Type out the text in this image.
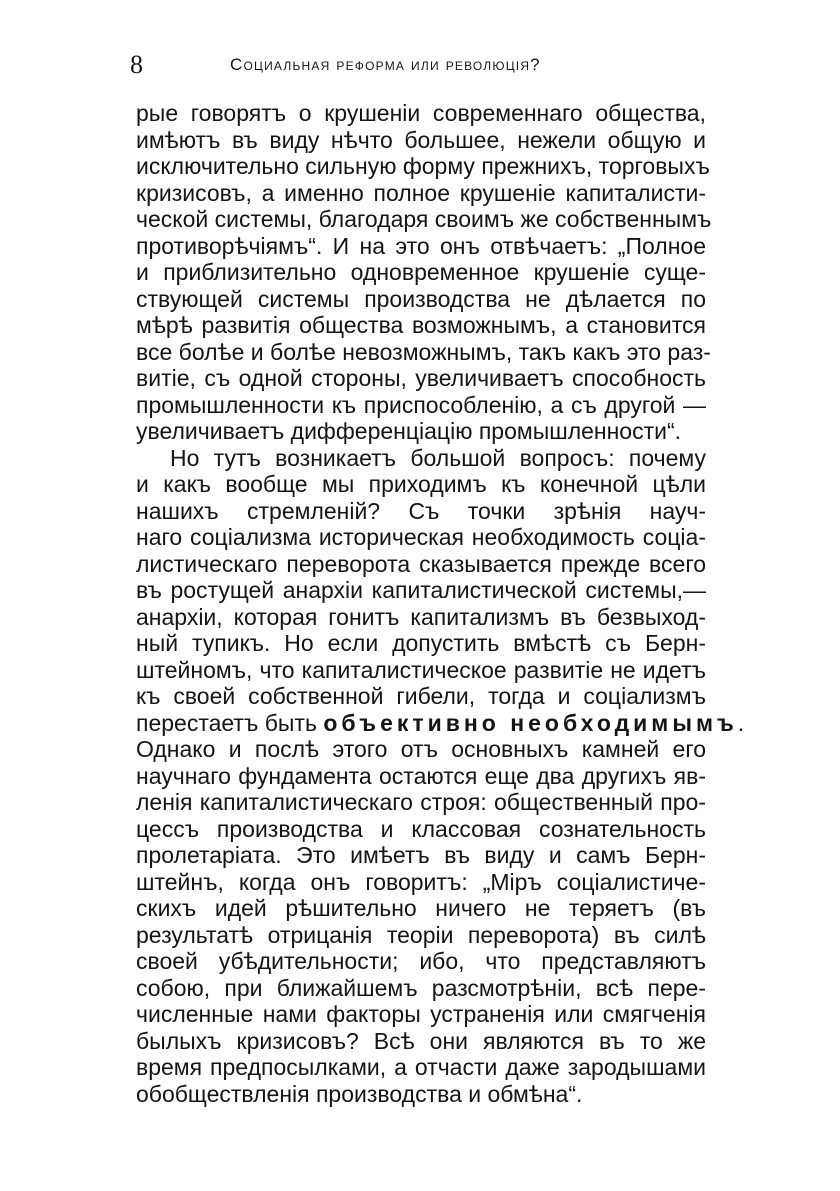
8	Социальная реформа или революція?
рые говорятъ о крушеніи современнаго общества,
имѣютъ въ виду нѣчто большее, нежели общую и
исключительно сильную форму прежнихъ, торговыхъ
кризисовъ, а именно полное крушеніе капиталисти-
ческой системы, благодаря своимъ же собственнымъ
противорѣчіямъ“. И на это онъ отвѣчаетъ: „Полное
и приблизительно одновременное крушеніе суще-
ствующей системы производства не дѣлается по
мѣрѣ развитія общества возможнымъ, а становится
все болѣе и болѣе невозможнымъ, такъ какъ это раз-
витіе, съ одной стороны, увеличиваетъ способность
промышленности къ приспособленію, а съ другой —
увеличиваетъ дифференціацію промышленности“.
Но тутъ возникаетъ большой вопросъ: почему
и какъ вообще мы приходимъ къ конечной цѣли
нашихъ стремленій? Съ точки зрѣнія науч-
наго соціализма историческая необходимость соціа-
листическаго переворота сказывается прежде всего
въ ростущей анархіи капиталистической системы,—
анархіи, которая гонитъ капитализмъ въ безвыход-
ный тупикъ. Но если допустить вмѣстѣ съ Берн-
штейномъ, что капиталистическое развитіе не идетъ
къ своей собственной гибели, тогда и соціализмъ
перестаетъ быть объективно необходимымъ.
Однако и послѣ этого отъ основныхъ камней его
научнаго фундамента остаются еще два другихъ яв-
ленія капиталистическаго строя: общественный про-
цессъ производства и классовая сознательность
пролетаріата. Это имѣетъ въ виду и самъ Берн-
штейнъ, когда онъ говоритъ: „Міръ соціалистиче-
скихъ идей рѣшительно ничего не теряетъ (въ
результатѣ отрицанія теоріи переворота) въ силѣ
своей убѣдительности; ибо, что представляютъ
собою, при ближайшемъ разсмотрѣніи, всѣ пере-
численные нами факторы устраненія или смягченія
былыхъ кризисовъ? Всѣ они являются въ то же
время предпосылками, а отчасти даже зародышами
обобществленія производства и обмѣна“.
